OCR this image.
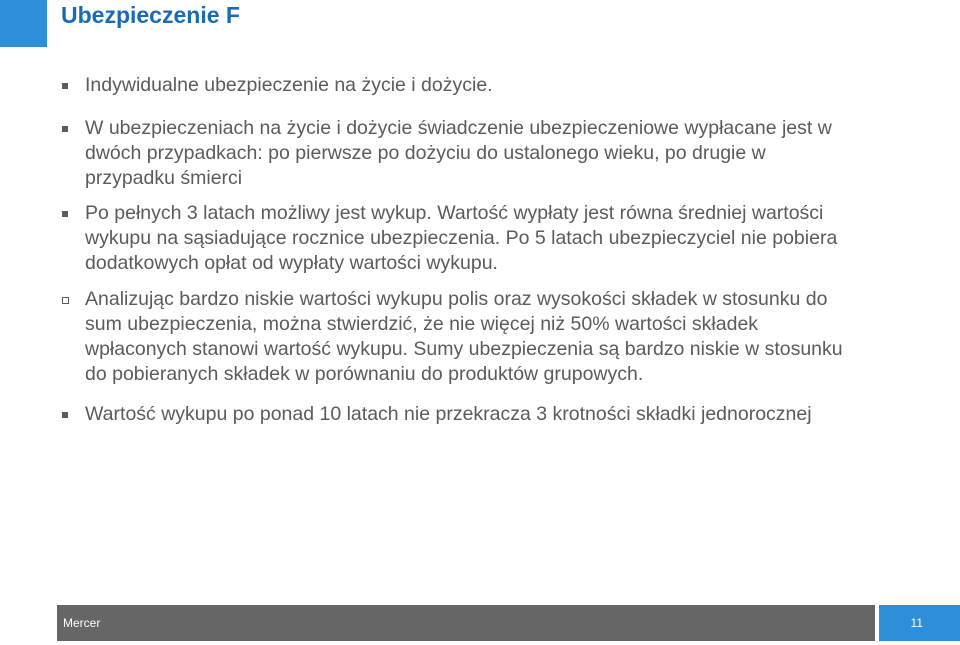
Ubezpieczenie F
Indywidualne ubezpieczenie na życie i dożycie.
W ubezpieczeniach na życie i dożycie świadczenie ubezpieczeniowe wypłacane jest w dwóch przypadkach: po pierwsze po dożyciu do ustalonego wieku, po drugie w przypadku śmierci
Po pełnych 3 latach możliwy jest wykup. Wartość wypłaty jest równa średniej wartości wykupu na sąsiadujące rocznice ubezpieczenia. Po 5 latach ubezpieczyciel nie pobiera dodatkowych opłat od wypłaty wartości wykupu.
Analizując bardzo niskie wartości wykupu polis oraz wysokości składek w stosunku do sum ubezpieczenia, można stwierdzić, że nie więcej niż 50% wartości składek wpłaconych stanowi wartość wykupu. Sumy ubezpieczenia są bardzo niskie w stosunku do pobieranych składek w porównaniu do produktów grupowych.
Wartość wykupu po ponad 10 latach nie przekracza 3 krotności składki jednorocznej
Mercer	11
